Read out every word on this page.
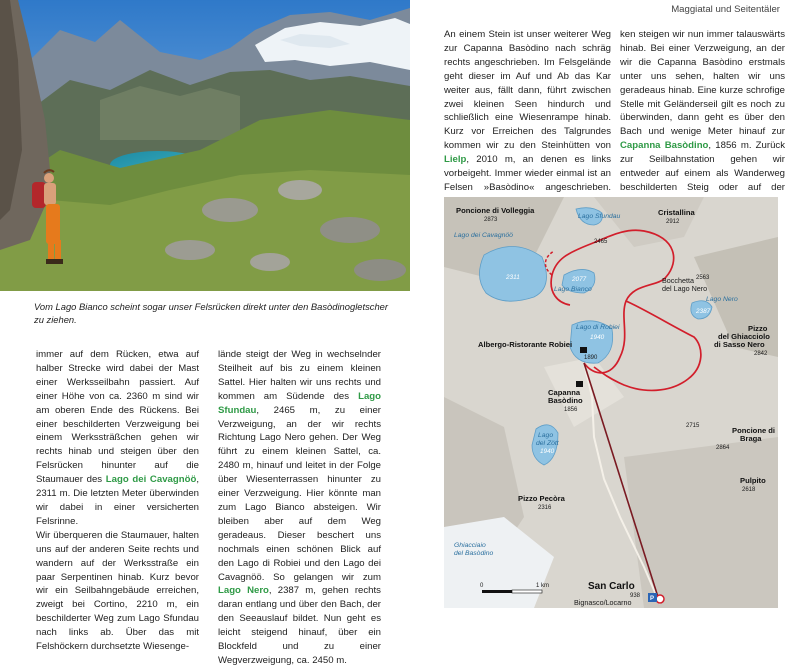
Vom Lago Bianco scheint sogar unser Felsrücken direkt unter den Basòdinogletscher zu ziehen.

Maggiatal und Seitentäler

immer auf dem Rücken, etwa auf halber Strecke wird dabei der Mast einer Werksseilbahn passiert. Auf einer Höhe von ca. 2360 m sind wir am oberen Ende des Rückens. Bei einer beschilderten Verzweigung bei einem Werkssträßchen gehen wir rechts hinab und steigen über den Felsrücken hinunter auf die Staumauer des Lago dei Cavagnöö, 2311 m. Die letzten Meter überwinden wir dabei in einer versicherten Felsrinne.

Wir überqueren die Staumauer, halten uns auf der anderen Seite rechts und wandern auf der Werksstraße ein paar Serpentinen hinab. Kurz bevor wir ein Seilbahngebäude erreichen, zweigt bei Cortino, 2210 m, ein beschilderter Weg zum Lago Sfundau nach links ab. Über das mit Felshöckern durchsetzte Wiesenge-

lände steigt der Weg in wechselnder Steilheit auf bis zu einem kleinen Sattel. Hier halten wir uns rechts und kommen am Südende des Lago Sfundau, 2465 m, zu einer Verzweigung, an der wir rechts Richtung Lago Nero gehen. Der Weg führt zu einem kleinen Sattel, ca. 2480 m, hinauf und leitet in der Folge über Wiesenterrassen hinunter zu einer Verzweigung. Hier könnte man zum Lago Bianco absteigen. Wir bleiben aber auf dem Weg geradeaus. Dieser beschert uns nochmals einen schönen Blick auf den Lago di Robiei und den Lago dei Cavagnöö. So gelangen wir zum Lago Nero, 2387 m, gehen rechts daran entlang und über den Bach, der den Seeauslauf bildet. Nun geht es leicht steigend hinauf, über ein Blockfeld und zu einer Wegverzweigung, ca. 2450 m.

An einem Stein ist unser weiterer Weg zur Capanna Basòdino nach schräg rechts angeschrieben. Im Felsgelände geht dieser im Auf und Ab das Kar weiter aus, fällt dann, führt zwischen zwei kleinen Seen hindurch und schließlich eine Wiesenrampe hinab. Kurz vor Erreichen des Talgrundes kommen wir zu den Steinhütten von Lielp, 2010 m, an denen es links vorbeigeht. Immer wieder einmal ist an Felsen »Basòdino« angeschrieben.

ken steigen wir nun immer talauswärts hinab. Bei einer Verzweigung, an der wir die Capanna Basòdino erstmals unter uns sehen, halten wir uns geradeaus hinab. Eine kurze schrofige Stelle mit Geländerseil gilt es noch zu überwinden, dann geht es über den Bach und wenige Meter hinauf zur Capanna Basòdino, 1856 m. Zurück zur Seilbahnstation gehen wir entweder auf einem als Wanderweg beschilderten Steig oder auf der

P
0	1 km
Poncione di Volleggia
2873	Lago Sfundau	Cristallina
2912
Lago dei Cavagnöö
2465
2311	2077
Lago Bianco
Bocchetta
del Lago Nero
2563
Lago Nero
2387
Lago di Robiei
1940
Pizzo
del Ghiacciolo
di Sasso Nero
2842
Albergo-Ristorante Robiei
1890
Capanna
Basòdino
1856
Lago
del Zött
1940
2715	Poncione di
Braga
2864
Pulpito
2618
Pizzo Pecòra
2316
Ghiacciaio
del Basòdino
San Carlo
938
Bignasco/Locarno
